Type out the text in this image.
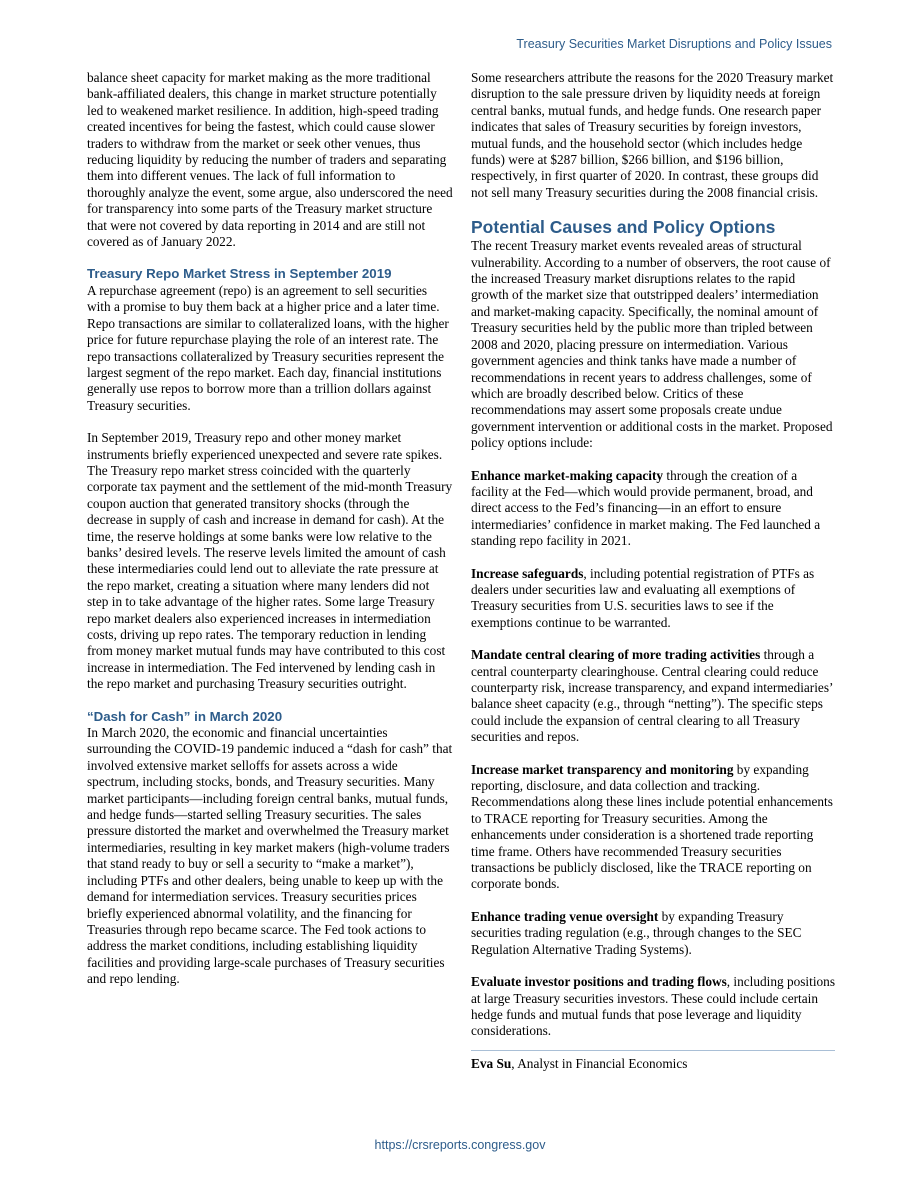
Treasury Securities Market Disruptions and Policy Issues

balance sheet capacity for market making as the more traditional bank-affiliated dealers, this change in market structure potentially led to weakened market resilience. In addition, high-speed trading created incentives for being the fastest, which could cause slower traders to withdraw from the market or seek other venues, thus reducing liquidity by reducing the number of traders and separating them into different venues. The lack of full information to thoroughly analyze the event, some argue, also underscored the need for transparency into some parts of the Treasury market structure that were not covered by data reporting in 2014 and are still not covered as of January 2022.

Treasury Repo Market Stress in September 2019

A repurchase agreement (repo) is an agreement to sell securities with a promise to buy them back at a higher price and a later time. Repo transactions are similar to collateralized loans, with the higher price for future repurchase playing the role of an interest rate. The repo transactions collateralized by Treasury securities represent the largest segment of the repo market. Each day, financial institutions generally use repos to borrow more than a trillion dollars against Treasury securities.

In September 2019, Treasury repo and other money market instruments briefly experienced unexpected and severe rate spikes. The Treasury repo market stress coincided with the quarterly corporate tax payment and the settlement of the mid-month Treasury coupon auction that generated transitory shocks (through the decrease in supply of cash and increase in demand for cash). At the time, the reserve holdings at some banks were low relative to the banks’ desired levels. The reserve levels limited the amount of cash these intermediaries could lend out to alleviate the rate pressure at the repo market, creating a situation where many lenders did not step in to take advantage of the higher rates. Some large Treasury repo market dealers also experienced increases in intermediation costs, driving up repo rates. The temporary reduction in lending from money market mutual funds may have contributed to this cost increase in intermediation. The Fed intervened by lending cash in the repo market and purchasing Treasury securities outright.

“Dash for Cash” in March 2020

In March 2020, the economic and financial uncertainties surrounding the COVID-19 pandemic induced a “dash for cash” that involved extensive market selloffs for assets across a wide spectrum, including stocks, bonds, and Treasury securities. Many market participants—including foreign central banks, mutual funds, and hedge funds—started selling Treasury securities. The sales pressure distorted the market and overwhelmed the Treasury market intermediaries, resulting in key market makers (high-volume traders that stand ready to buy or sell a security to “make a market”), including PTFs and other dealers, being unable to keep up with the demand for intermediation services. Treasury securities prices briefly experienced abnormal volatility, and the financing for Treasuries through repo became scarce. The Fed took actions to address the market conditions, including establishing liquidity facilities and providing large-scale purchases of Treasury securities and repo lending.

Some researchers attribute the reasons for the 2020 Treasury market disruption to the sale pressure driven by liquidity needs at foreign central banks, mutual funds, and hedge funds. One research paper indicates that sales of Treasury securities by foreign investors, mutual funds, and the household sector (which includes hedge funds) were at $287 billion, $266 billion, and $196 billion, respectively, in first quarter of 2020. In contrast, these groups did not sell many Treasury securities during the 2008 financial crisis.

Potential Causes and Policy Options

The recent Treasury market events revealed areas of structural vulnerability. According to a number of observers, the root cause of the increased Treasury market disruptions relates to the rapid growth of the market size that outstripped dealers’ intermediation and market-making capacity. Specifically, the nominal amount of Treasury securities held by the public more than tripled between 2008 and 2020, placing pressure on intermediation. Various government agencies and think tanks have made a number of recommendations in recent years to address challenges, some of which are broadly described below. Critics of these recommendations may assert some proposals create undue government intervention or additional costs in the market. Proposed policy options include:

Enhance market-making capacity through the creation of a facility at the Fed—which would provide permanent, broad, and direct access to the Fed’s financing—in an effort to ensure intermediaries’ confidence in market making. The Fed launched a standing repo facility in 2021.

Increase safeguards, including potential registration of PTFs as dealers under securities law and evaluating all exemptions of Treasury securities from U.S. securities laws to see if the exemptions continue to be warranted.

Mandate central clearing of more trading activities through a central counterparty clearinghouse. Central clearing could reduce counterparty risk, increase transparency, and expand intermediaries’ balance sheet capacity (e.g., through “netting”). The specific steps could include the expansion of central clearing to all Treasury securities and repos.

Increase market transparency and monitoring by expanding reporting, disclosure, and data collection and tracking. Recommendations along these lines include potential enhancements to TRACE reporting for Treasury securities. Among the enhancements under consideration is a shortened trade reporting time frame. Others have recommended Treasury securities transactions be publicly disclosed, like the TRACE reporting on corporate bonds.

Enhance trading venue oversight by expanding Treasury securities trading regulation (e.g., through changes to the SEC Regulation Alternative Trading Systems).

Evaluate investor positions and trading flows, including positions at large Treasury securities investors. These could include certain hedge funds and mutual funds that pose leverage and liquidity considerations.

Eva Su, Analyst in Financial Economics
https://crsreports.congress.gov
